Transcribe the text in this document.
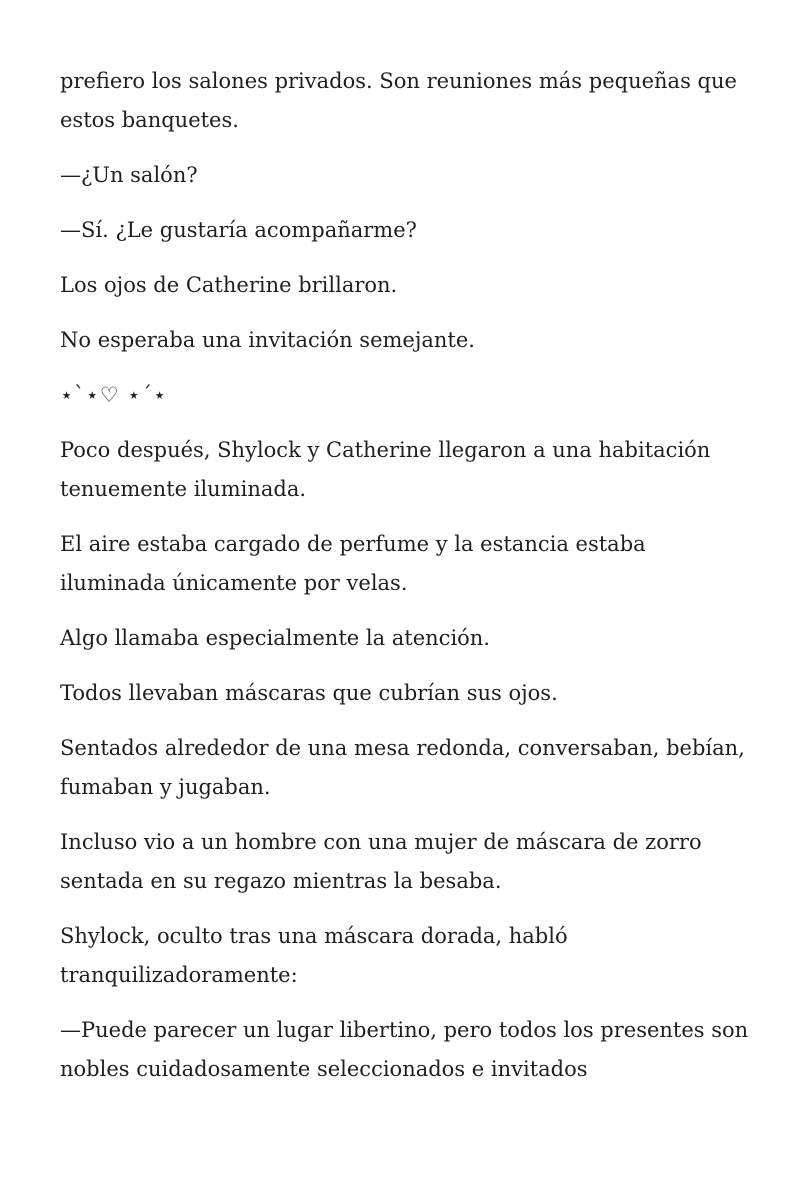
prefiero los salones privados. Son reuniones más pequeñas que estos banquetes.

—¿Un salón?

—Sí. ¿Le gustaría acompañarme?

Los ojos de Catherine brillaron.

No esperaba una invitación semejante.

⋆`⋆♡ ⋆´⋆

Poco después, Shylock y Catherine llegaron a una habitación tenuemente iluminada.

El aire estaba cargado de perfume y la estancia estaba iluminada únicamente por velas.

Algo llamaba especialmente la atención.

Todos llevaban máscaras que cubrían sus ojos.

Sentados alrededor de una mesa redonda, conversaban, bebían, fumaban y jugaban.

Incluso vio a un hombre con una mujer de máscara de zorro sentada en su regazo mientras la besaba.

Shylock, oculto tras una máscara dorada, habló tranquilizadoramente:

—Puede parecer un lugar libertino, pero todos los presentes son nobles cuidadosamente seleccionados e invitados
